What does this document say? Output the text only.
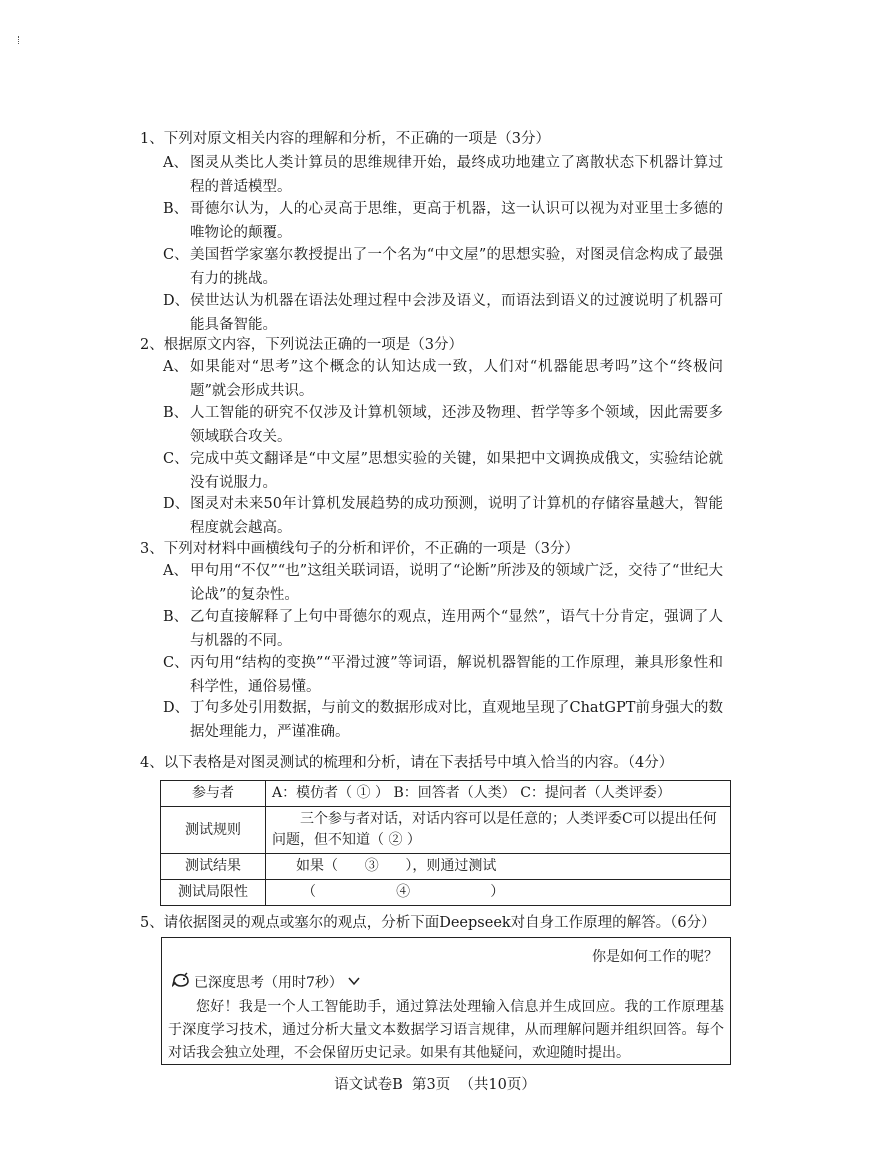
1、下列对原文相关内容的理解和分析，不正确的一项是（3分）
A、 图灵从类比人类计算员的思维规律开始，最终成功地建立了离散状态下机器计算过程的普适模型。
B、 哥德尔认为，人的心灵高于思维，更高于机器，这一认识可以视为对亚里士多德的唯物论的颠覆。
C、 美国哲学家塞尔教授提出了一个名为“中文屋”的思想实验，对图灵信念构成了最强有力的挑战。
D、 侯世达认为机器在语法处理过程中会涉及语义，而语法到语义的过渡说明了机器可能具备智能。
2、根据原文内容，下列说法正确的一项是（3分）
A、 如果能对“思考”这个概念的认知达成一致，人们对“机器能思考吗”这个“终极问题”就会形成共识。
B、 人工智能的研究不仅涉及计算机领域，还涉及物理、哲学等多个领域，因此需要多领域联合攻关。
C、 完成中英文翻译是“中文屋”思想实验的关键，如果把中文调换成俄文，实验结论就没有说服力。
D、 图灵对未来50年计算机发展趋势的成功预测，说明了计算机的存储容量越大，智能程度就会越高。
3、下列对材料中画横线句子的分析和评价，不正确的一项是（3分）
A、 甲句用“不仅”“也”这组关联词语，说明了“论断”所涉及的领域广泛，交待了“世纪大论战”的复杂性。
B、 乙句直接解释了上句中哥德尔的观点，连用两个“显然”，语气十分肯定，强调了人与机器的不同。
C、 丙句用“结构的变换”“平滑过渡”等词语，解说机器智能的工作原理，兼具形象性和科学性，通俗易懂。
D、 丁句多处引用数据，与前文的数据形成对比，直观地呈现了ChatGPT前身强大的数据处理能力，严谨准确。
4、以下表格是对图灵测试的梳理和分析，请在下表括号中填入恰当的内容。（4分）
参与者	A：模仿者（ ① ） B：回答者（人类） C：提问者（人类评委）
测试规则	三个参与者对话，对话内容可以是任意的；人类评委C可以提出任何问题，但不知道（ ② ）
测试结果	如果（      ③      ），则通过测试
测试局限性	（                  ④                  ）
5、请依据图灵的观点或塞尔的观点，分析下面Deepseek对自身工作原理的解答。（6分）
你是如何工作的呢？
已深度思考（用时7秒）
您好！我是一个人工智能助手，通过算法处理输入信息并生成回应。我的工作原理基于深度学习技术，通过分析大量文本数据学习语言规律，从而理解问题并组织回答。每个对话我会独立处理，不会保留历史记录。如果有其他疑问，欢迎随时提出。
语文试卷B  第3页  （共10页）
